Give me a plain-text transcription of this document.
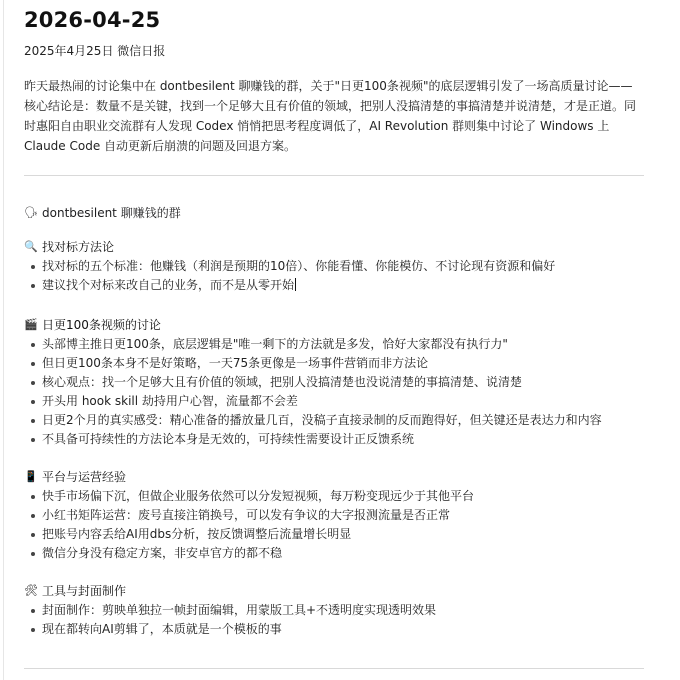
2026-04-25
2025年4月25日 微信日报
昨天最热闹的讨论集中在 dontbesilent 聊赚钱的群，关于"日更100条视频"的底层逻辑引发了一场高质量讨论——核心结论是：数量不是关键，找到一个足够大且有价值的领域，把别人没搞清楚的事搞清楚并说清楚，才是正道。同时惠阳自由职业交流群有人发现 Codex 悄悄把思考程度调低了，AI Revolution 群则集中讨论了 Windows 上 Claude Code 自动更新后崩溃的问题及回退方案。
🗣 dontbesilent 聊赚钱的群
🔍 找对标方法论
找对标的五个标准：他赚钱（利润是预期的10倍）、你能看懂、你能模仿、不讨论现有资源和偏好
建议找个对标来改自己的业务，而不是从零开始
🎬 日更100条视频的讨论
头部博主推日更100条，底层逻辑是"唯一剩下的方法就是多发，恰好大家都没有执行力"
但日更100条本身不是好策略，一天75条更像是一场事件营销而非方法论
核心观点：找一个足够大且有价值的领域，把别人没搞清楚也没说清楚的事搞清楚、说清楚
开头用 hook skill 劫持用户心智，流量都不会差
日更2个月的真实感受：精心准备的播放量几百，没稿子直接录制的反而跑得好，但关键还是表达力和内容
不具备可持续性的方法论本身是无效的，可持续性需要设计正反馈系统
📱 平台与运营经验
快手市场偏下沉，但做企业服务依然可以分发短视频，每万粉变现远少于其他平台
小红书矩阵运营：废号直接注销换号，可以发有争议的大字报测流量是否正常
把账号内容丢给AI用dbs分析，按反馈调整后流量增长明显
微信分身没有稳定方案，非安卓官方的都不稳
🛠 工具与封面制作
封面制作：剪映单独拉一帧封面编辑，用蒙版工具+不透明度实现透明效果
现在都转向AI剪辑了，本质就是一个模板的事
